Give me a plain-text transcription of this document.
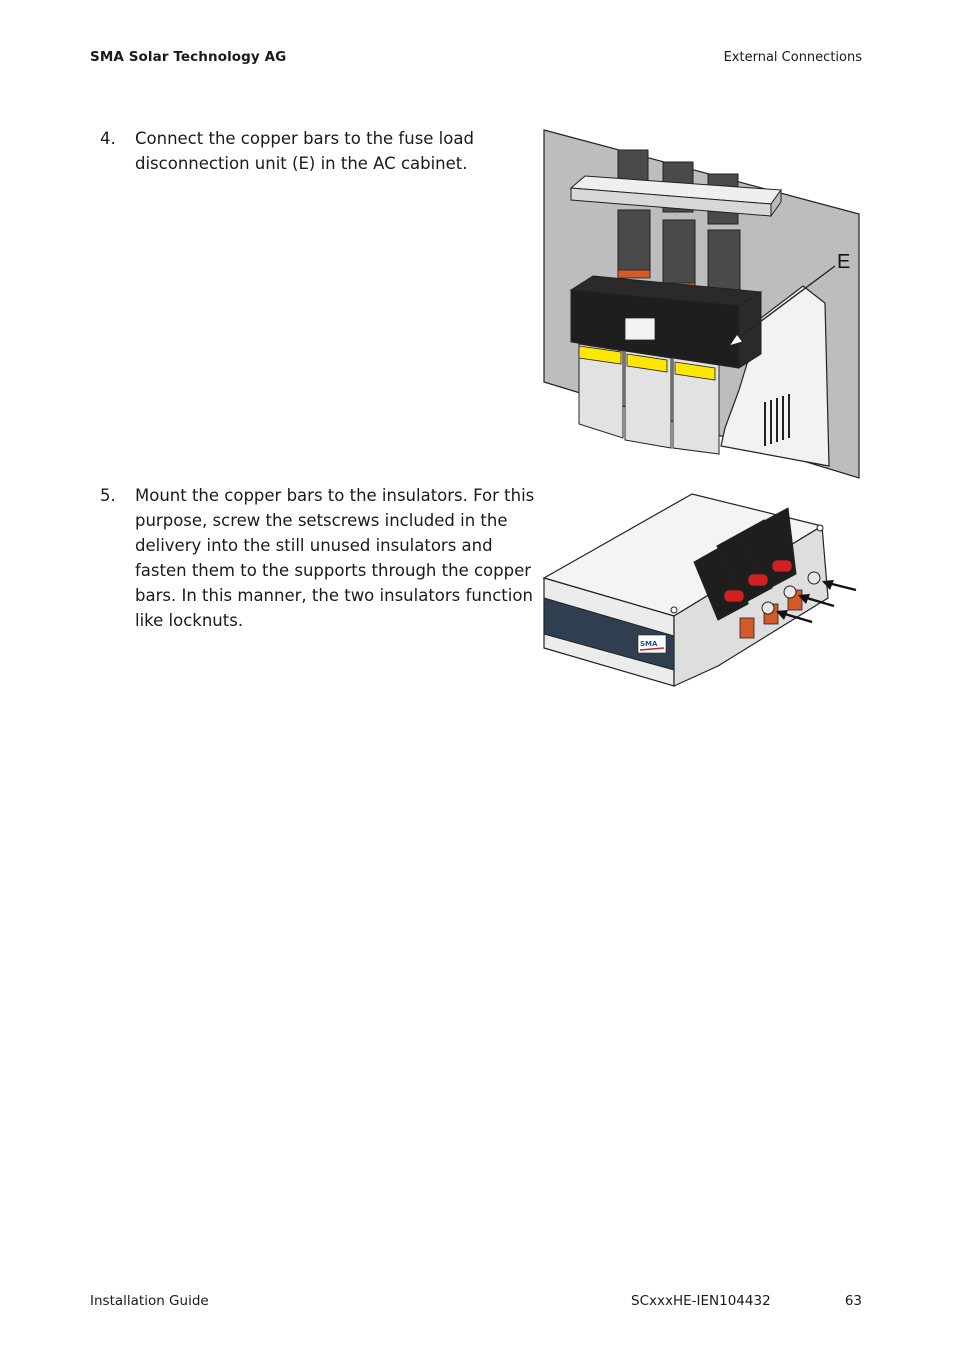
SMA Solar Technology AG	External Connections
4.	Connect the copper bars to the fuse load disconnection unit (E) in the AC cabinet.
E
5.	Mount the copper bars to the insulators. For this purpose, screw the setscrews included in the delivery into the still unused insulators and fasten them to the supports through the copper bars. In this manner, the two insulators function like locknuts.
SMA
Installation Guide	SCxxxHE-IEN104432	63
